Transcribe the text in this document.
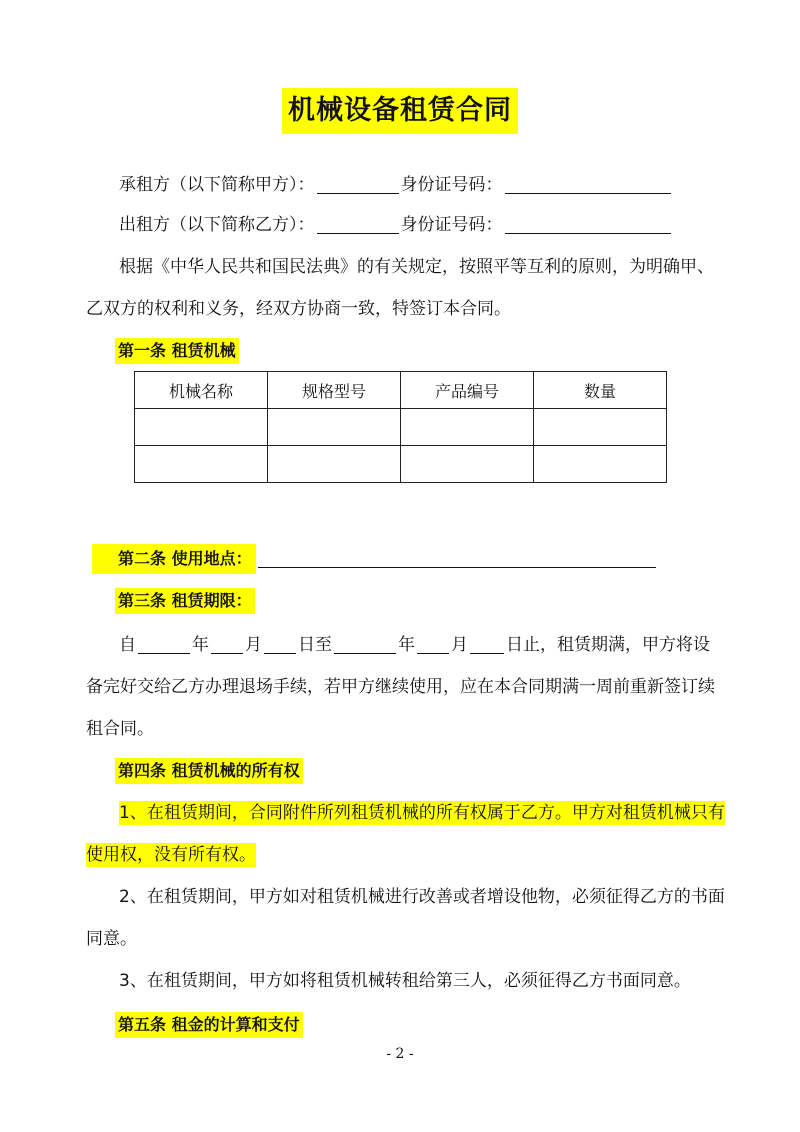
机械设备租赁合同
承租方（以下简称甲方）：	身份证号码：
出租方（以下简称乙方）：	身份证号码：
根据《中华人民共和国民法典》的有关规定，按照平等互利的原则，为明确甲、
乙双方的权利和义务，经双方协商一致，特签订本合同。
第一条 租赁机械
机械名称	规格型号	产品编号	数量

第二条 使用地点：
第三条 租赁期限：
自	年 月 日至	年 月 日止，租赁期满，甲方将设
备完好交给乙方办理退场手续，若甲方继续使用，应在本合同期满一周前重新签订续
租合同。
第四条 租赁机械的所有权
1、在租赁期间，合同附件所列租赁机械的所有权属于乙方。甲方对租赁机械只有
使用权，没有所有权。
2、在租赁期间，甲方如对租赁机械进行改善或者增设他物，必须征得乙方的书面
同意。
3、在租赁期间，甲方如将租赁机械转租给第三人，必须征得乙方书面同意。
第五条 租金的计算和支付
- 2 -
